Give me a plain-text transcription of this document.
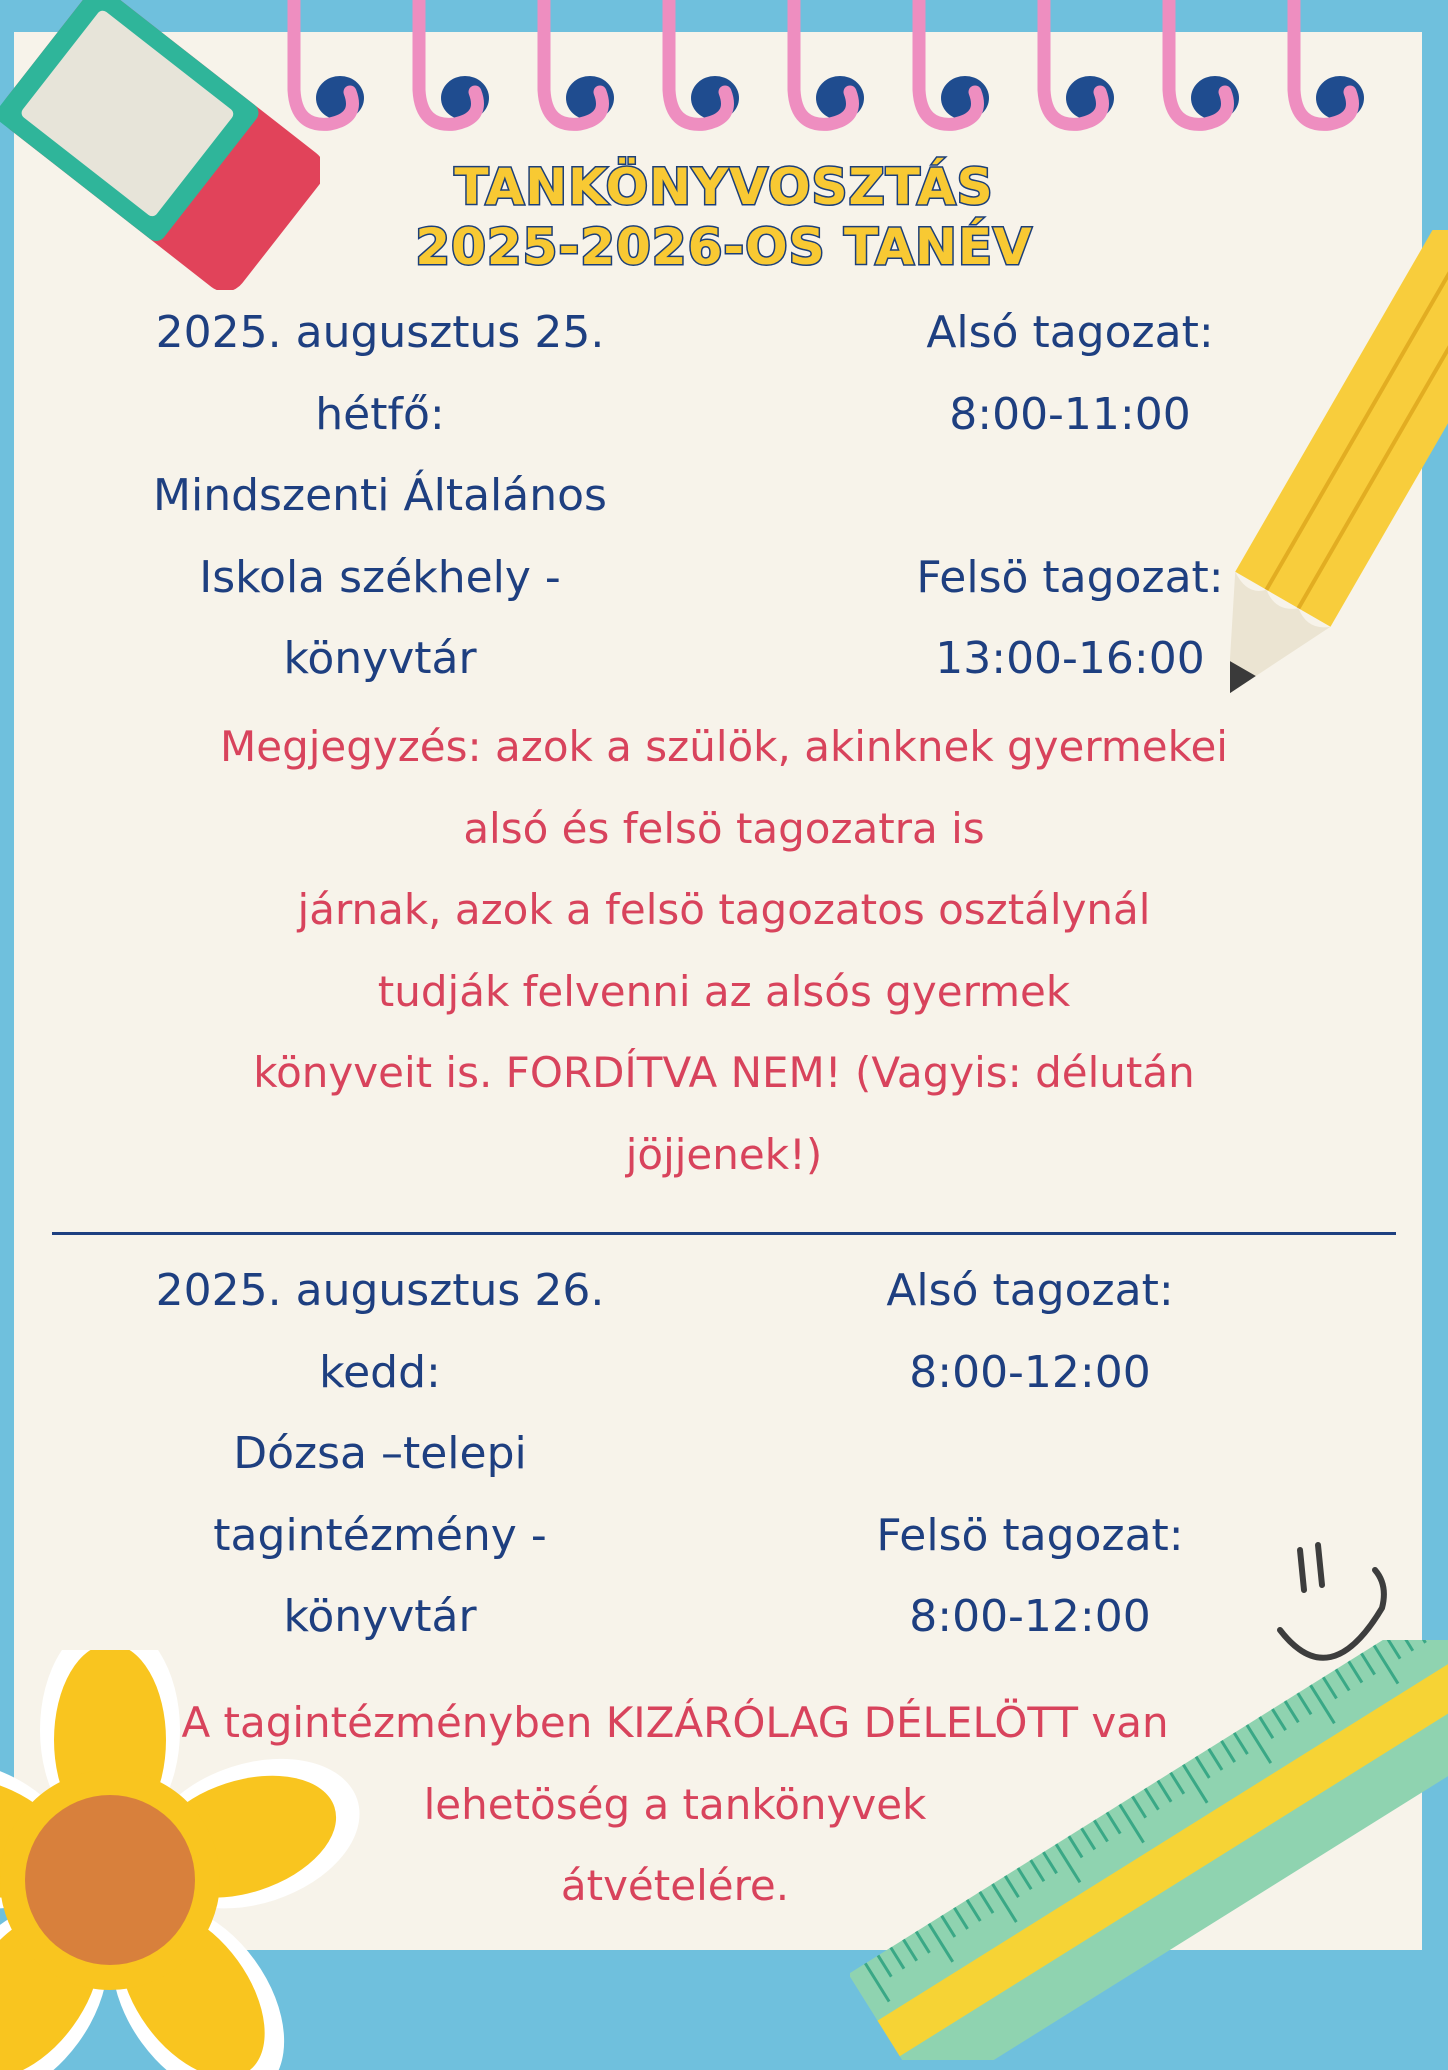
TANKÖNYVOSZTÁS
2025-2026-OS TANÉV
2025. augusztus 25.
hétfő:
Mindszenti Általános
Iskola székhely -
könyvtár
Alsó tagozat:
8:00-11:00

Felsö tagozat:
13:00-16:00
Megjegyzés: azok a szülök, akinknek gyermekei
alsó és felsö tagozatra is
járnak, azok a felsö tagozatos osztálynál
tudják felvenni az alsós gyermek
könyveit is. FORDÍTVA NEM! (Vagyis: délután
jöjjenek!)
2025. augusztus 26.
kedd:
Dózsa –telepi
tagintézmény -
könyvtár
Alsó tagozat:
8:00-12:00

Felsö tagozat:
8:00-12:00
A tagintézményben KIZÁRÓLAG DÉLELÖTT van
lehetöség a tankönyvek
átvételére.
